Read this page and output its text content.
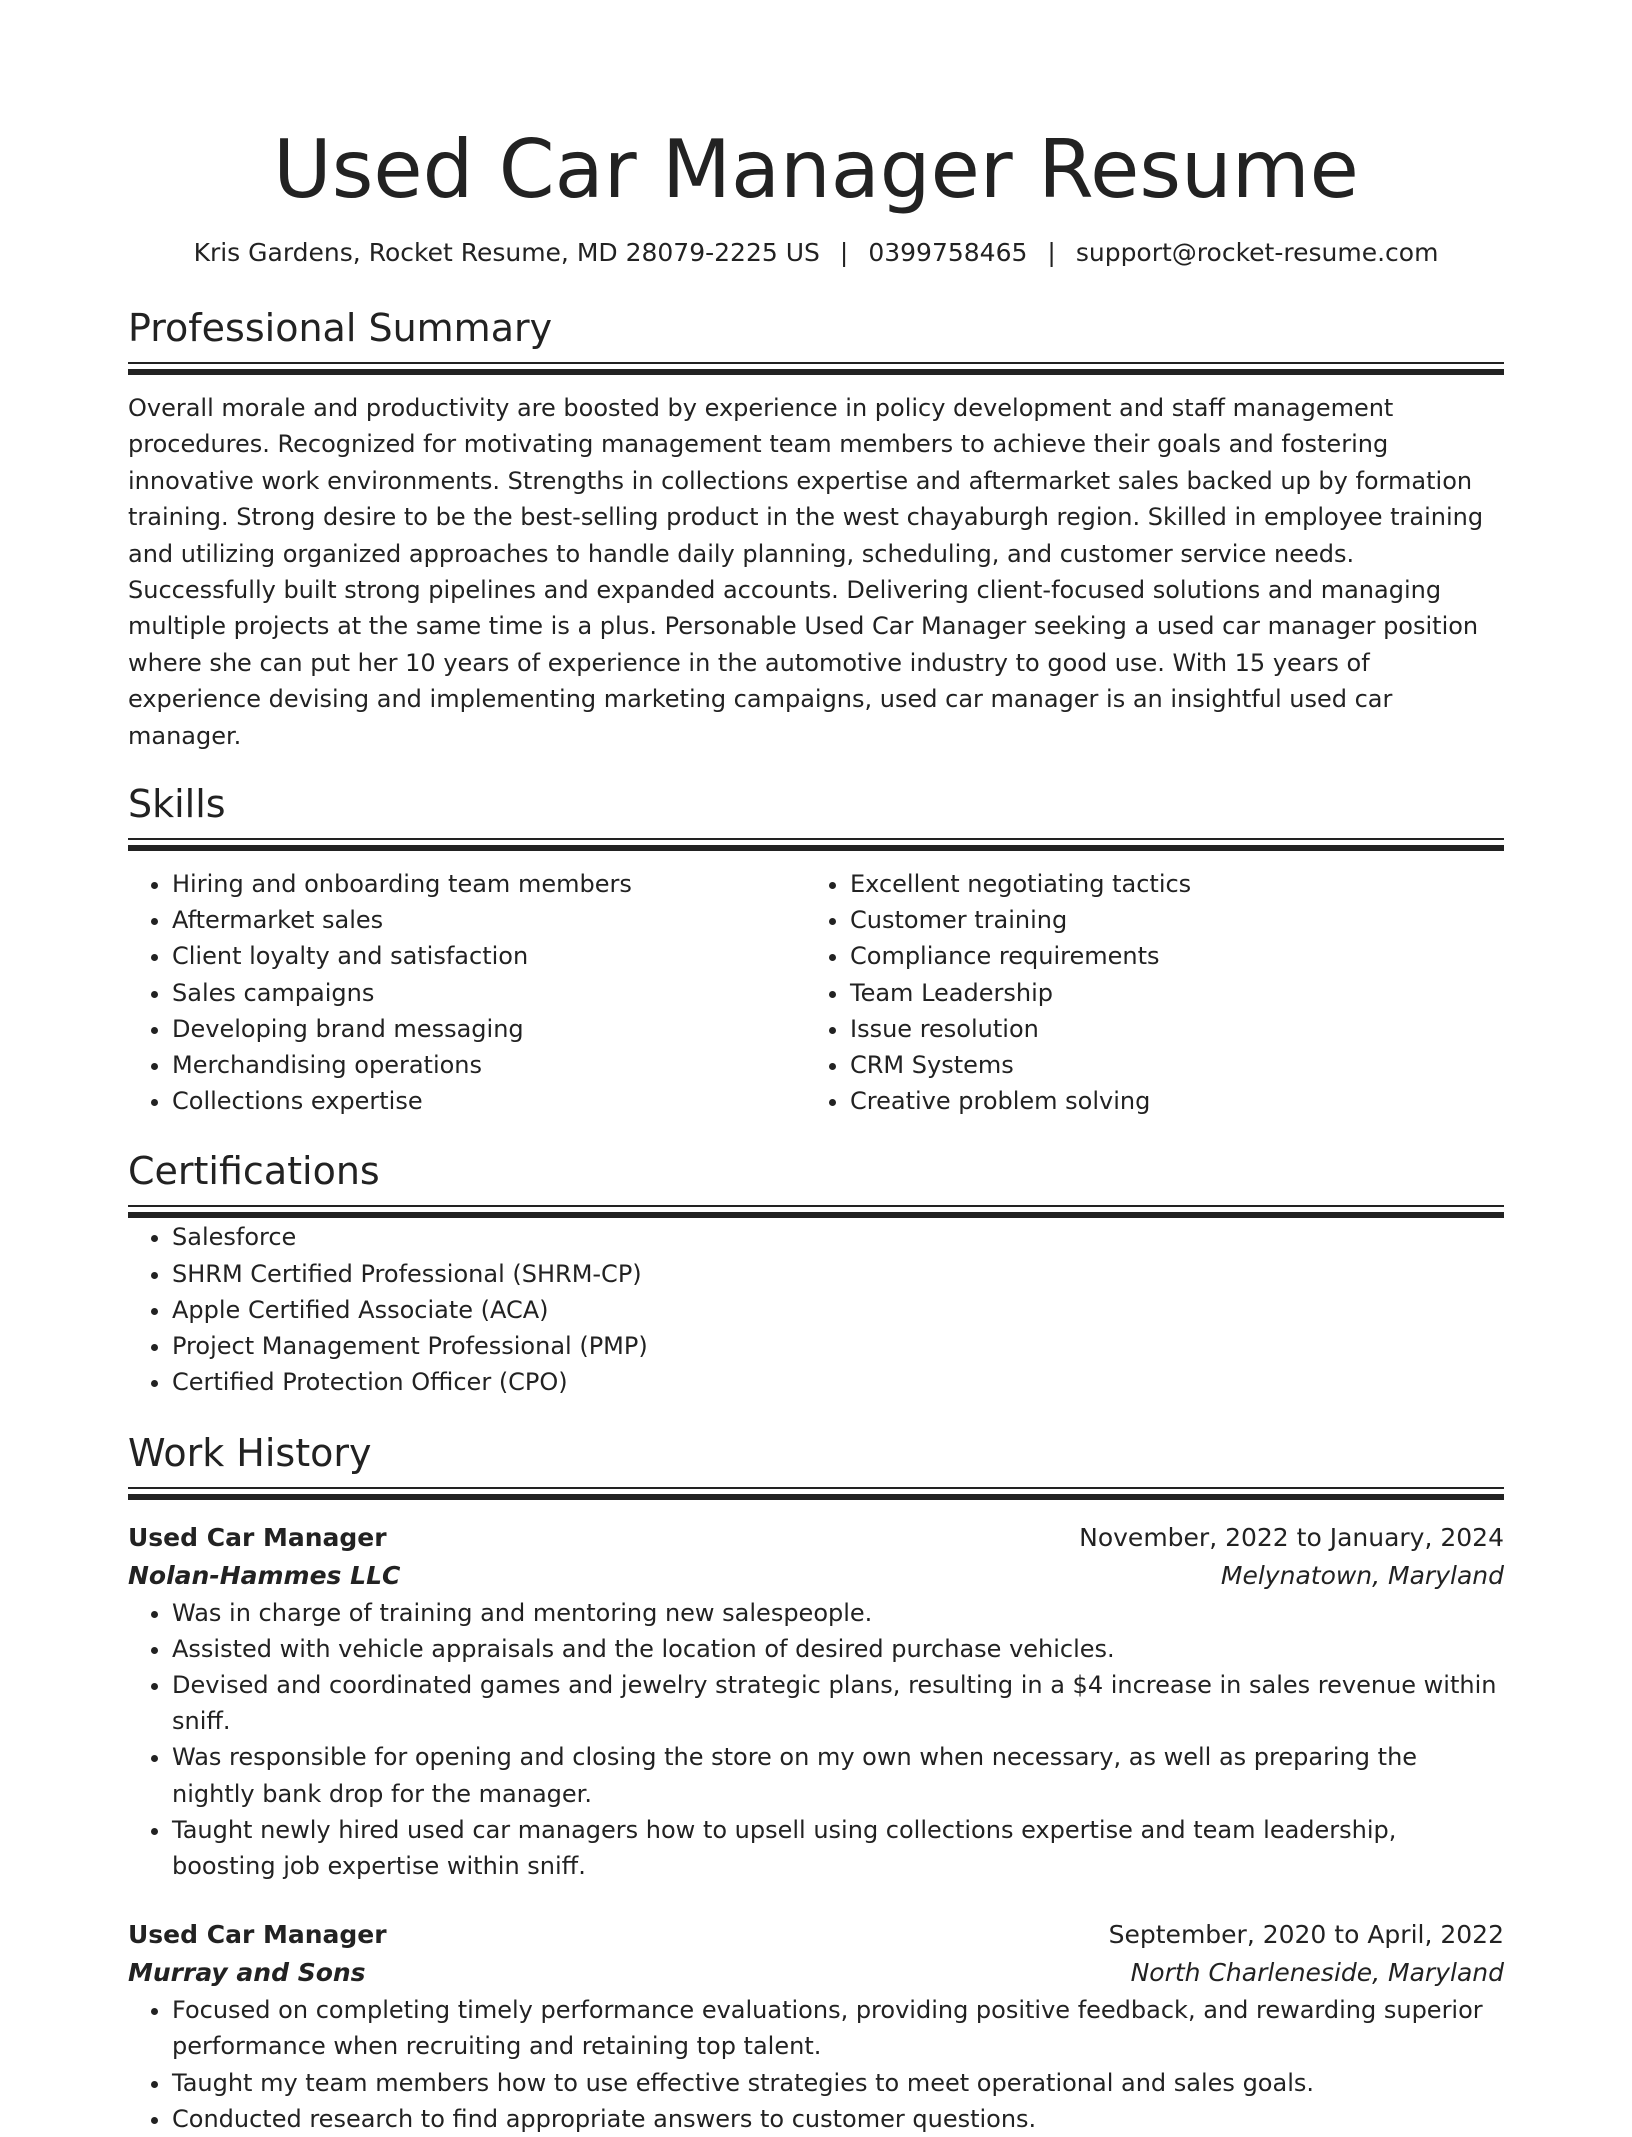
Used Car Manager Resume
Kris Gardens, Rocket Resume, MD 28079-2225 US | 0399758465 | support@rocket-resume.com
Professional Summary
Overall morale and productivity are boosted by experience in policy development and staff management procedures. Recognized for motivating management team members to achieve their goals and fostering innovative work environments. Strengths in collections expertise and aftermarket sales backed up by formation training. Strong desire to be the best-selling product in the west chayaburgh region. Skilled in employee training and utilizing organized approaches to handle daily planning, scheduling, and customer service needs. Successfully built strong pipelines and expanded accounts. Delivering client-focused solutions and managing multiple projects at the same time is a plus. Personable Used Car Manager seeking a used car manager position where she can put her 10 years of experience in the automotive industry to good use. With 15 years of experience devising and implementing marketing campaigns, used car manager is an insightful used car manager.
Skills
• Hiring and onboarding team members
• Aftermarket sales
• Client loyalty and satisfaction
• Sales campaigns
• Developing brand messaging
• Merchandising operations
• Collections expertise
• Excellent negotiating tactics
• Customer training
• Compliance requirements
• Team Leadership
• Issue resolution
• CRM Systems
• Creative problem solving
Certifications
• Salesforce
• SHRM Certified Professional (SHRM-CP)
• Apple Certified Associate (ACA)
• Project Management Professional (PMP)
• Certified Protection Officer (CPO)
Work History
Used Car Manager	November, 2022 to January, 2024
Nolan-Hammes LLC	Melynatown, Maryland
• Was in charge of training and mentoring new salespeople.
• Assisted with vehicle appraisals and the location of desired purchase vehicles.
• Devised and coordinated games and jewelry strategic plans, resulting in a $4 increase in sales revenue within sniff.
• Was responsible for opening and closing the store on my own when necessary, as well as preparing the nightly bank drop for the manager.
• Taught newly hired used car managers how to upsell using collections expertise and team leadership, boosting job expertise within sniff.
Used Car Manager	September, 2020 to April, 2022
Murray and Sons	North Charleneside, Maryland
• Focused on completing timely performance evaluations, providing positive feedback, and rewarding superior performance when recruiting and retaining top talent.
• Taught my team members how to use effective strategies to meet operational and sales goals.
• Conducted research to find appropriate answers to customer questions.
